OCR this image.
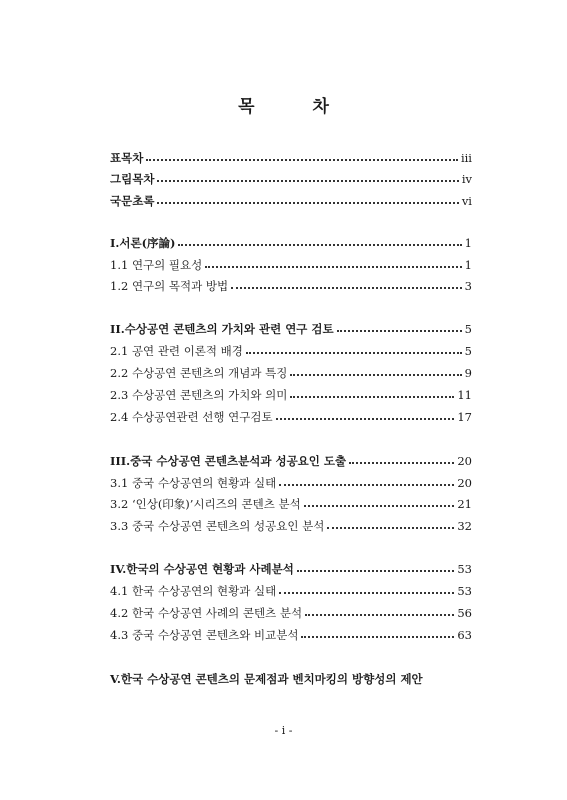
목 차
표목차	iii
그림목차	iv
국문초록	vi
I.서론(序論)	1
1.1 연구의 필요성	1
1.2 연구의 목적과 방법	3
II.수상공연 콘텐츠의 가치와 관련 연구 검토	5
2.1 공연 관련 이론적 배경	5
2.2 수상공연 콘텐츠의 개념과 특징	9
2.3 수상공연 콘텐츠의 가치와 의미	11
2.4 수상공연관련 선행 연구검토	17
III.중국 수상공연 콘텐츠분석과 성공요인 도출	20
3.1 중국 수상공연의 현황과 실태	20
3.2 ‘인상(印象)’시리즈의 콘텐츠 분석	21
3.3 중국 수상공연 콘텐츠의 성공요인 분석	32
IV.한국의 수상공연 현황과 사례분석	53
4.1 한국 수상공연의 현황과 실태	53
4.2 한국 수상공연 사례의 콘텐츠 분석	56
4.3 중국 수상공연 콘텐츠와 비교분석	63
V.한국 수상공연 콘텐츠의 문제점과 벤치마킹의 방향성의 제안
- i -
